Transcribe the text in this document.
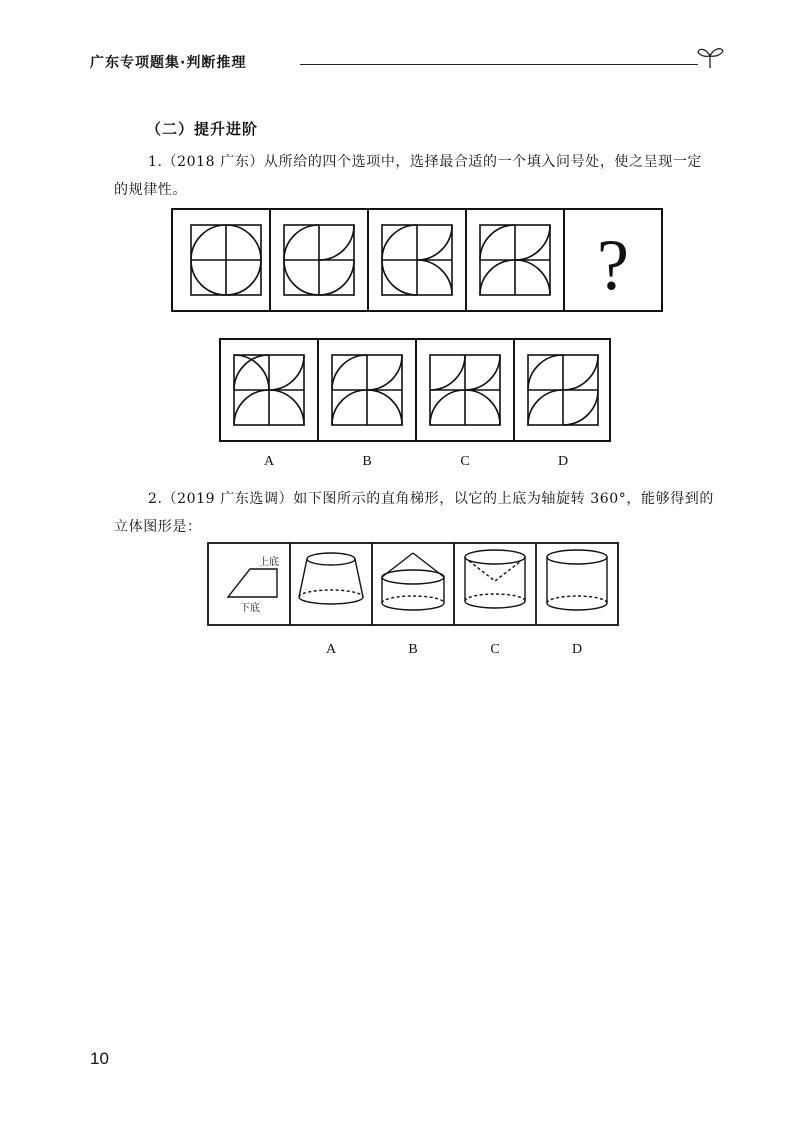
广东专项题集·判断推理
（二）提升进阶
1.（2018 广东）从所给的四个选项中，选择最合适的一个填入问号处，使之呈现一定的规律性。
?
A	B	C	D
2.（2019 广东选调）如下图所示的直角梯形，以它的上底为轴旋转 360°，能够得到的立体图形是：
上底
下底
A	B	C	D
10
